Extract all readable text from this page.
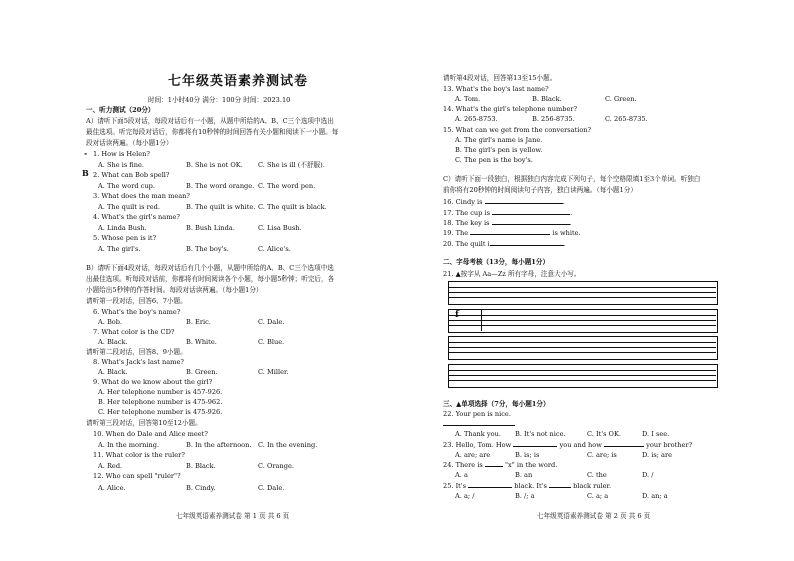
七年级英语素养测试卷
时间：1小时40分 满分：100分 时间：2023.10
一、听力测试（20分）
A）请听下面5段对话，每段对话后有一小题，从题中所给的A、B、C三个选项中选出
最佳选项。听完每段对话后，你都将有10秒钟的时间回答有关小题和阅读下一小题。每
段对话读两遍。（每小题1分）
- 1. How is Helen?
A. She is fine.	B. She is not OK. C. She is ill (不舒服).
B 2. What can Bob spell?
A. The word cup.	B. The word orange. C. The word pen.
3. What does the man mean?
A. The quilt is red.	B. The quilt is white. C. The quilt is black.
4. What's the girl's name?
A. Linda Bush.	B. Bush Linda.	C. Lisa Bush.
5. Whose pen is it?
A. The girl's.	B. The boy's.	C. Alice's.
B）请听下面4段对话，每段对话后有几个小题，从题中所给的A、B、C三个选项中选
出最佳选项。听每段对话前，你都将有时间阅读各个小题，每小题5秒钟；听完后，各
小题给出5秒钟的作答时间。每段对话读两遍。（每小题1分）
请听第一段对话，回答6、7小题。
6. What's the boy's name?
A. Bob.	B. Eric.	C. Dale.
7. What color is the CD?
A. Black.	B. White.	C. Blue.
请听第二段对话，回答8、9小题。
8. What's Jack's last name?
A. Black.	B. Green.	C. Miller.
9. What do we know about the girl?
A. Her telephone number is 457-926.
B. Her telephone number is 475-962.
C. Her telephone number is 475-926.
请听第三段对话，回答第10至12小题。
10. When do Dale and Alice meet?
A. In the morning.	B. In the afternoon. C. In the evening.
11. What color is the ruler?
A. Red.	B. Black.	C. Orange.
12. Who can spell "ruler"?
A. Alice.	B. Cindy.	C. Dale.
七年级英语素养测试卷 第 1 页 共 6 页
请听第4段对话，回答第13至15小题。
13. What's the boy's last name?
A. Tom.	B. Black.	C. Green.
14. What's the girl's telephone number?
A. 265-8753.	B. 256-8735.	C. 265-8735.
15. What can we get from the conversation?
A. The girl's name is Jane.
B. The girl's pen is yellow.
C. The pen is the boy's.
C）请听下面一段独白，根据独白内容完成下列句子，每个空格限填1至3个单词。听独白
前你将有20秒钟的时间阅读句子内容，独白读两遍。（每小题1分）
16. Cindy is	.
17. The cup is	.
18. The key is	.
19. The	is white.
20. The quilt i	.
二、字母考核（13分，每小题1分）
21. ▲按字从 Aa—Zz 所有字母，注意大小写。
三、▲单项选择（7分，每小题1分）
22. Your pen is nice.
A. Thank you. B. It's not nice.	C. It's OK.	D. I see.
23. Hello, Tom. How	you and how	your brother?
A. are; are	B. is; is	C. are; is	D. is; are
24. There is	"x" in the word.
A. a	B. an	C. the	D. /
25. It's	black. It's	black ruler.
A. a; /	B. /; a	C. a; a	D. an; a
七年级英语素养测试卷 第 2 页 共 6 页
f
